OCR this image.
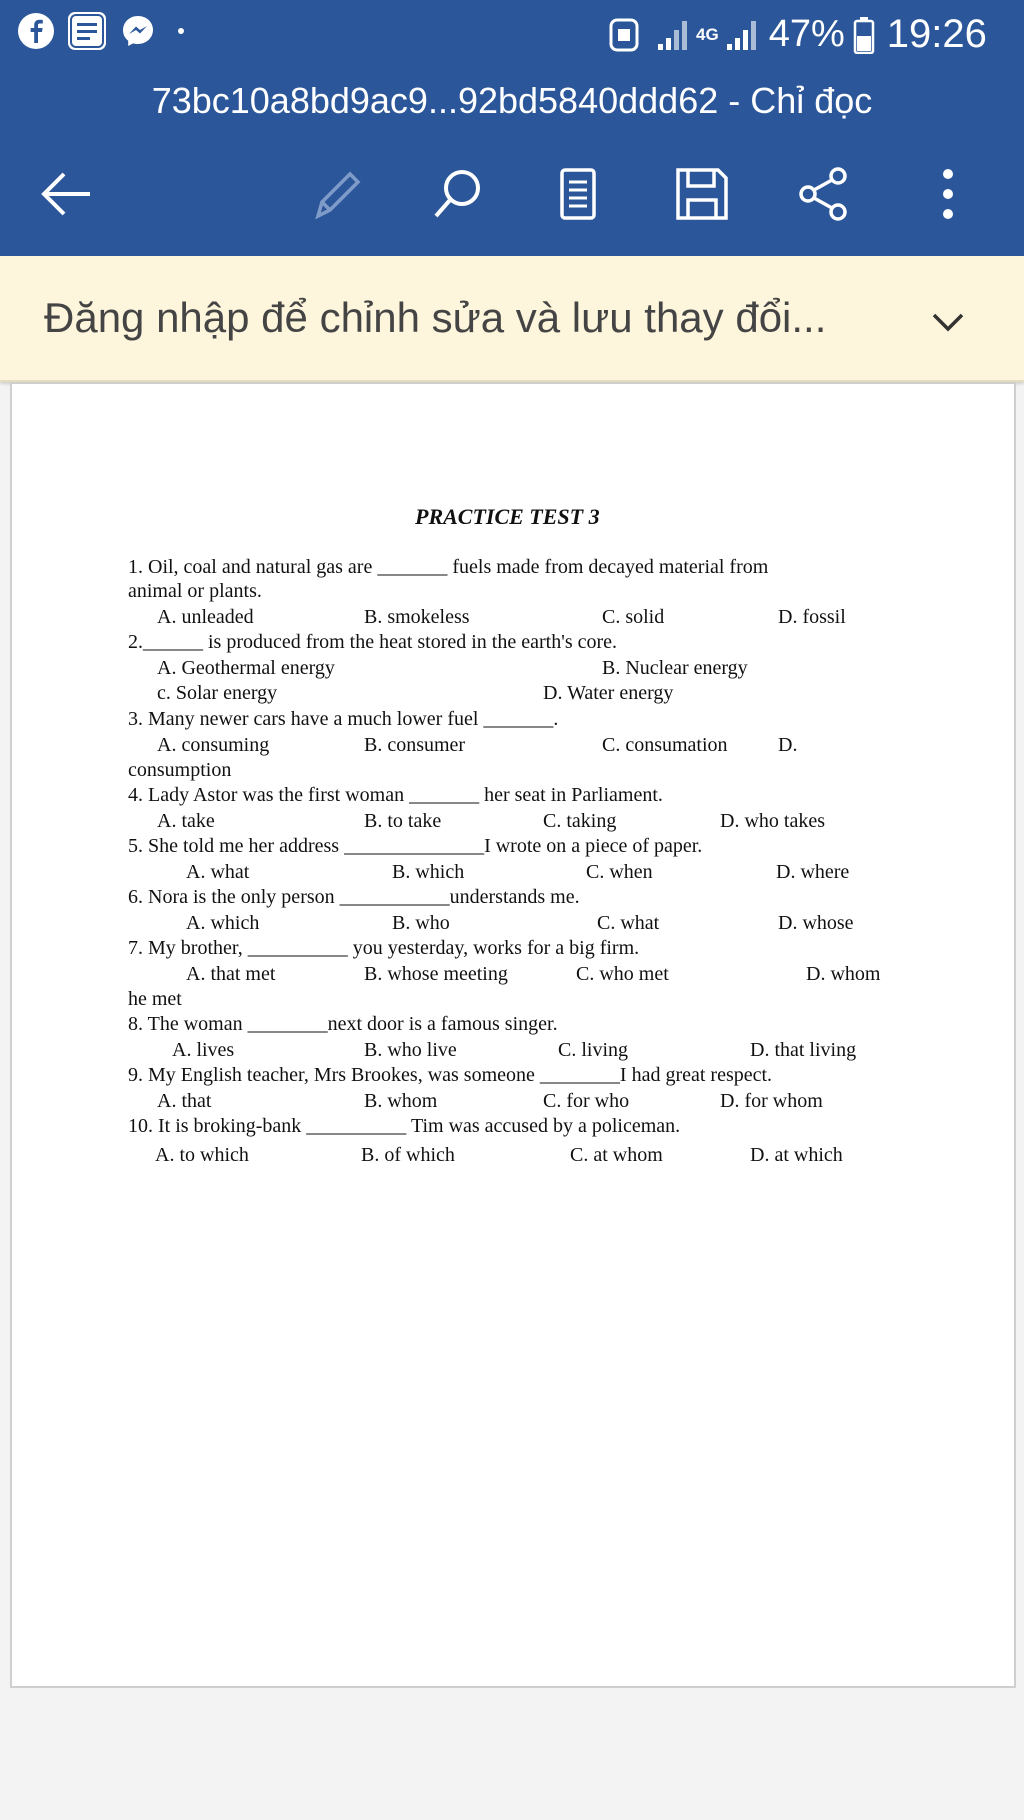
4G 47% 19:26
73bc10a8bd9ac9...92bd5840ddd62 - Chỉ đọc
Đăng nhập để chỉnh sửa và lưu thay đổi...
PRACTICE TEST 3
1. Oil, coal and natural gas are _______ fuels made from decayed material from
animal or plants.
A. unleaded	B. smokeless	C. solid	D. fossil
2.______ is produced from the heat stored in the earth's core.
A. Geothermal energy	B. Nuclear energy
c. Solar energy	D. Water energy
3. Many newer cars have a much lower fuel _______.
A. consuming	B. consumer	C. consumation	D.
consumption
4. Lady Astor was the first woman _______ her seat in Parliament.
A. take	B. to take	C. taking	D. who takes
5. She told me her address ______________I wrote on a piece of paper.
A. what	B. which	C. when	D. where
6. Nora is the only person ___________understands me.
A. which	B. who	C. what	D. whose
7. My brother, __________ you yesterday, works for a big firm.
A. that met	B. whose meeting	C. who met	D. whom
he met
8. The woman ________next door is a famous singer.
A. lives	B. who live	C. living	D. that living
9. My English teacher, Mrs Brookes, was someone ________I had great respect.
A. that	B. whom	C. for who	D. for whom
10. It is broking-bank __________ Tim was accused by a policeman.
A. to which	B. of which	C. at whom	D. at which
